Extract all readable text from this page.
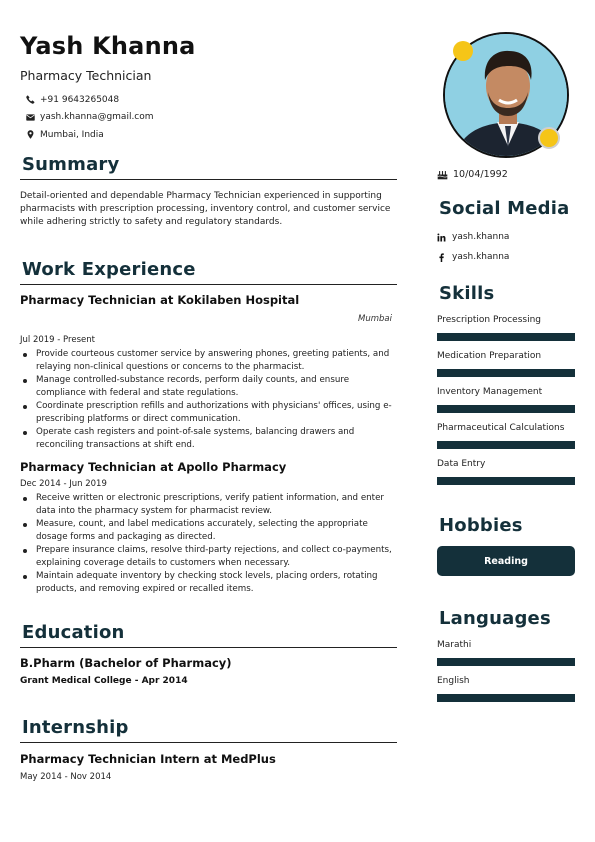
Yash Khanna
Pharmacy Technician
+91 9643265048
yash.khanna@gmail.com
Mumbai, India
Summary
Detail-oriented and dependable Pharmacy Technician experienced in supporting pharmacists with prescription processing, inventory control, and customer service while adhering strictly to safety and regulatory standards.
Work Experience
Pharmacy Technician at Kokilaben Hospital
Mumbai
Jul 2019 - Present
Provide courteous customer service by answering phones, greeting patients, and relaying non-clinical questions or concerns to the pharmacist.
Manage controlled-substance records, perform daily counts, and ensure compliance with federal and state regulations.
Coordinate prescription refills and authorizations with physicians' offices, using e-prescribing platforms or direct communication.
Operate cash registers and point-of-sale systems, balancing drawers and reconciling transactions at shift end.
Pharmacy Technician at Apollo Pharmacy
Dec 2014 - Jun 2019
Receive written or electronic prescriptions, verify patient information, and enter data into the pharmacy system for pharmacist review.
Measure, count, and label medications accurately, selecting the appropriate dosage forms and packaging as directed.
Prepare insurance claims, resolve third-party rejections, and collect co-payments, explaining coverage details to customers when necessary.
Maintain adequate inventory by checking stock levels, placing orders, rotating products, and removing expired or recalled items.
Education
B.Pharm (Bachelor of Pharmacy)
Grant Medical College - Apr 2014
Internship
Pharmacy Technician Intern at MedPlus
May 2014 - Nov 2014
10/04/1992
Social Media
yash.khanna
yash.khanna
Skills
Prescription Processing
Medication Preparation
Inventory Management
Pharmaceutical Calculations
Data Entry
Hobbies
Reading
Languages
Marathi
English
